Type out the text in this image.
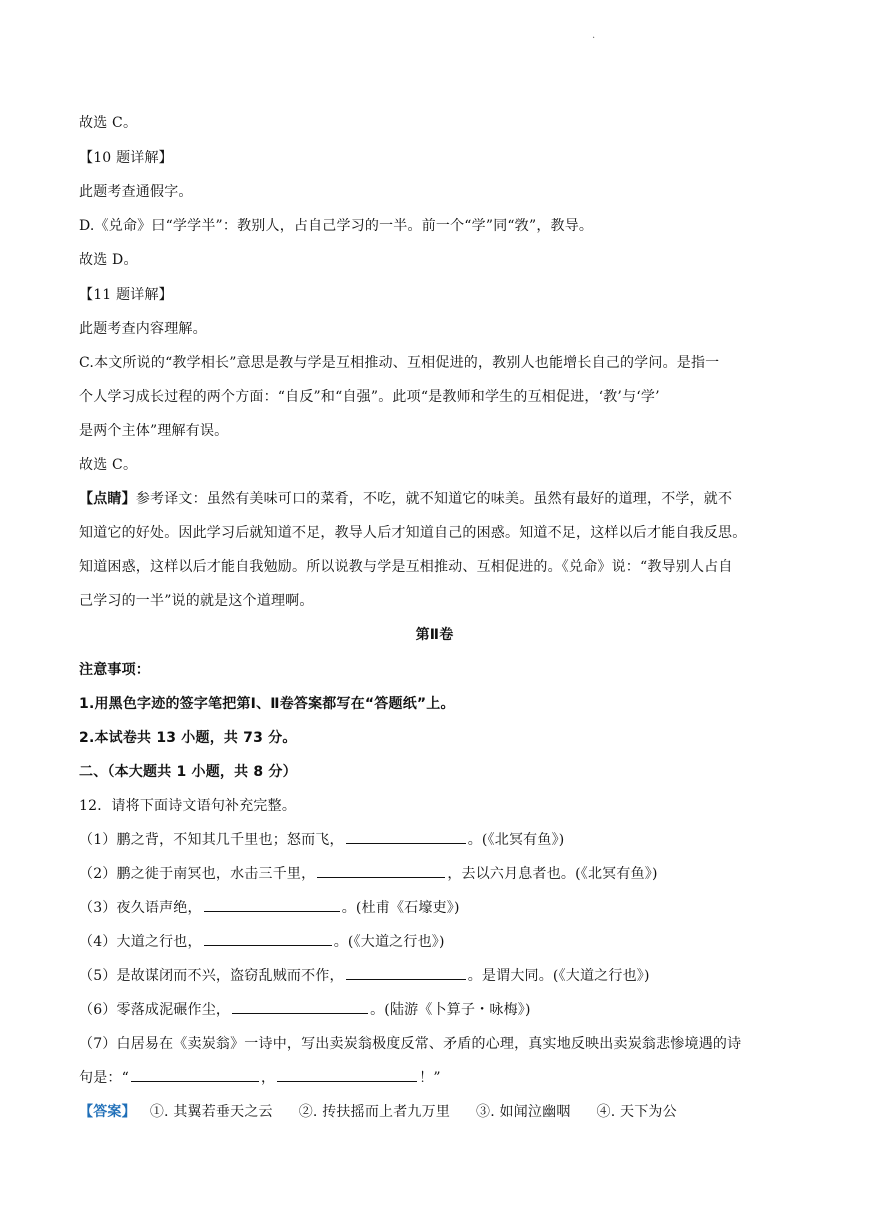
.
故选 C。
【10 题详解】
此题考查通假字。
D.《兑命》曰“学学半”：教别人，占自己学习的一半。前一个“学”同“敩”，教导。
故选 D。
【11 题详解】
此题考查内容理解。
C.本文所说的“教学相长”意思是教与学是互相推动、互相促进的，教别人也能增长自己的学问。是指一
个人学习成长过程的两个方面：“自反”和“自强”。此项“是教师和学生的互相促进，‘教’与‘学’
是两个主体”理解有误。
故选 C。
【点睛】参考译文：虽然有美味可口的菜肴，不吃，就不知道它的味美。虽然有最好的道理，不学，就不
知道它的好处。因此学习后就知道不足，教导人后才知道自己的困惑。知道不足，这样以后才能自我反思。
知道困惑，这样以后才能自我勉励。所以说教与学是互相推动、互相促进的。《兑命》说：“教导别人占自
己学习的一半”说的就是这个道理啊。
第Ⅱ卷
注意事项：
1.用黑色字迹的签字笔把第Ⅰ、Ⅱ卷答案都写在“答题纸”上。
2.本试卷共 13 小题，共 73 分。
二、（本大题共 1 小题，共 8 分）
12．请将下面诗文语句补充完整。
（1）鹏之背，不知其几千里也；怒而飞，	。(《北冥有鱼》)
（2）鹏之徙于南冥也，水击三千里，	，去以六月息者也。(《北冥有鱼》)
（3）夜久语声绝，	。(杜甫《石壕吏》)
（4）大道之行也，	。(《大道之行也》)
（5）是故谋闭而不兴，盗窃乱贼而不作，	。是谓大同。(《大道之行也》)
（6）零落成泥碾作尘，	。(陆游《卜算子・咏梅》)
（7）白居易在《卖炭翁》一诗中，写出卖炭翁极度反常、矛盾的心理，真实地反映出卖炭翁悲惨境遇的诗
句是：“	，	！”
【答案】 ①. 其翼若垂天之云 ②. 抟扶摇而上者九万里 ③. 如闻泣幽咽 ④. 天下为公
